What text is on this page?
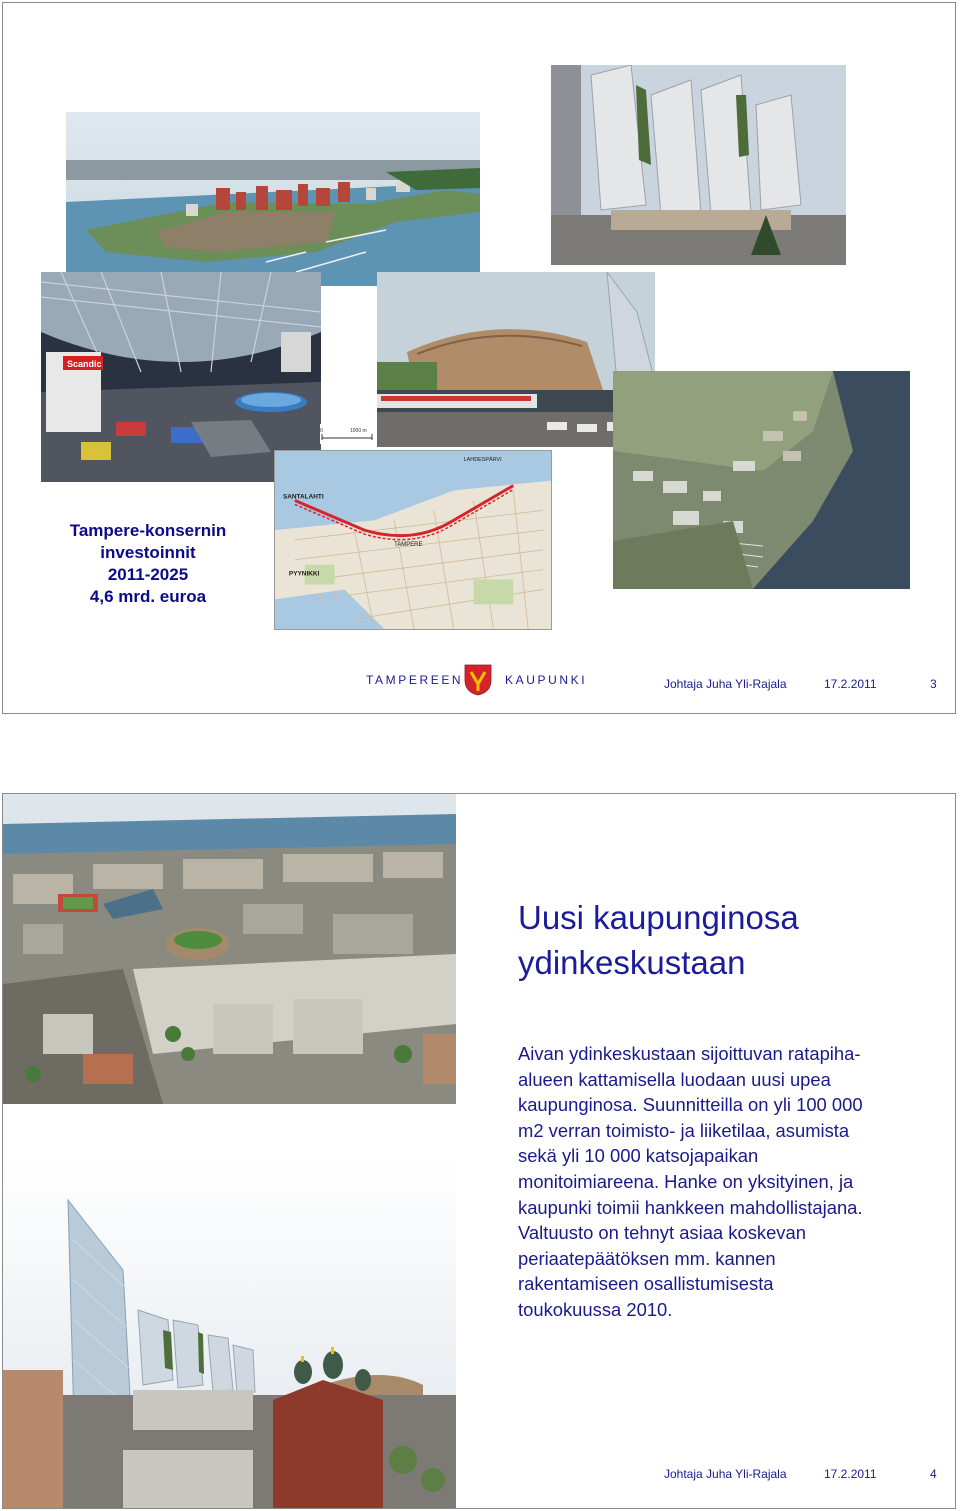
Scandic
SANTALAHTI
PYYNIKKI
LAHDESPÄRVI
TAMPERE
0	1000 m
Tampere-konsernin
investoinnit
2011-2025
4,6 mrd. euroa
TAMPEREEN	KAUPUNKI	Johtaja Juha Yli-Rajala	17.2.2011	3
Uusi kaupunginosa
ydinkeskustaan
Aivan ydinkeskustaan sijoittuvan ratapiha-
alueen kattamisella luodaan uusi upea
kaupunginosa. Suunnitteilla on yli 100 000
m2 verran toimisto- ja liiketilaa, asumista
sekä yli 10 000 katsojapaikan
monitoimiareena. Hanke on yksityinen, ja
kaupunki toimii hankkeen mahdollistajana.
Valtuusto on tehnyt asiaa koskevan
periaatepäätöksen mm. kannen
rakentamiseen osallistumisesta
toukokuussa 2010.
Johtaja Juha Yli-Rajala	17.2.2011	4
